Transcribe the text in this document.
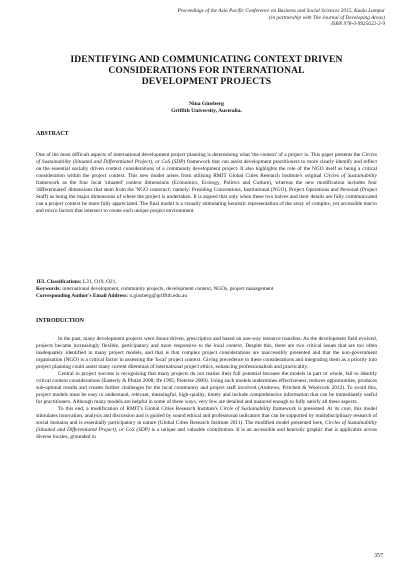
Proceedings of the Asia Pacific Conference on Business and Social Sciences 2015, Kuala Lumpur
(in partnership with The Journal of Developing Areas)
ISBN 978-0-9925622-2-9
IDENTIFYING AND COMMUNICATING CONTEXT DRIVEN
CONSIDERATIONS FOR INTERNATIONAL
DEVELOPMENT PROJECTS
Nina Ginsberg
Griffith University, Australia.
ABSTRACT
One of the most difficult aspects of international development project planning is determining what 'the context' of a project is. This paper presents the Circles of Sustainability (Situated and Differentiated Project), or CoS (SDP) framework that can assist development practitioners to more clearly identify and reflect on the essential socially driven context considerations of a community development project. It also highlights the role of the NGO itself as being a critical consideration within the project context. This new model arises from utilising RMIT Global Cities Research Institute's original Circles of Sustainability framework as the four local 'situated' context dimensions (Economics, Ecology, Politics and Culture), whereas the new modification includes four 'differentiated' dimensions that stem from the 'NGO construct', namely: Presiding Conventions, Institutional (NGO), Project Operations and Personal (Project Staff) as being the major dimensions of where the project is undertaken. It is argued that only when these two halves and their details are fully communicated can a project context be more fully appreciated. The final model is a visually stimulating heuristic representation of the array of complex, yet accessible macro and micro factors that intersect to create each unique project environment.

JEL Classifications: L31, O19, O21,

Keywords: international development, community projects, development context, NGOs, project management

Corresponding Author's Email Address: n.ginsberg@griffith.edu.au

INTRODUCTION
In the past, many development projects were donor-driven, prescriptive and based on one-way resource transfers. As the development field evolved, projects became increasingly flexible, participatory and more responsive to the local context. Despite this, there are two critical issues that are too often inadequately identified in many project models, and that is that complex project considerations are inaccessibly presented and that the non-government organisation (NGO) is a critical factor in assessing the 'local' project context. Giving precedence to these considerations and integrating them as a priority into project planning could assist many current dilemmas of international project ethics, enhancing professionalism and practicality.
Central to project success is recognising that many projects do not realise their full potential because the models in part or whole, fail to identify critical context considerations (Easterly & Pfutze 2008; Ife 1995; Pieterse 2009). Using such models undermines effectiveness, reduces opportunities, produces sub-optimal results and creates further challenges for the local community and project staff involved (Andrews, Pritchett & Woolcock 2012). To avoid this, project models must be easy to understand, relevant, meaningful, high-quality, timely and include comprehensive information that can be immediately useful for practitioners. Although many models are helpful in some of these ways, very few are detailed and nuanced enough to fully satisfy all these aspects.
To this end, a modification of RMIT's Global Cities Research Institute's Circle of Sustainability framework is presented. At its core, this model stimulates innovation, analysis and discussion and is guided by sound ethical and professional indicators that can be supported by multidisciplinary research of social domains and is essentially participatory in nature (Global Cities Research Institute 2011). The modified model presented here, Circles of Sustainability (Situated and Differentiated Project), or CoS (SDP) is a unique and valuable contribution. It is an accessible and heuristic graphic that is applicable across diverse locales, grounded in
357
